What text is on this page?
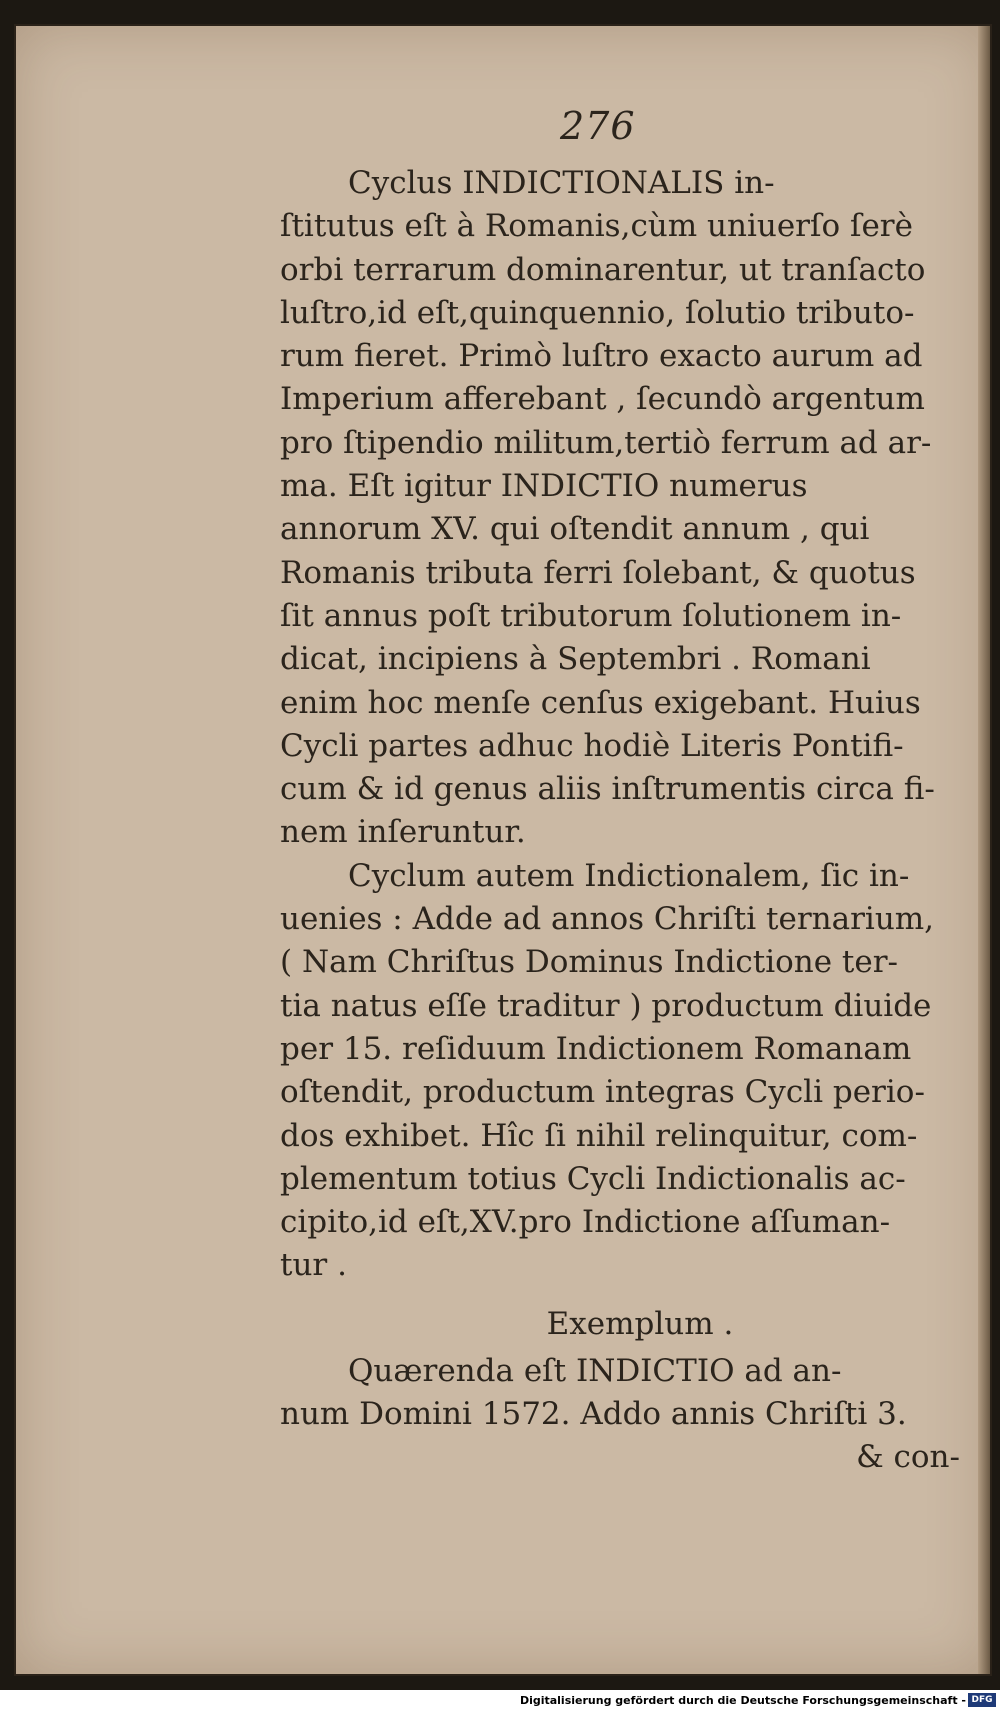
276
Cyclus INDICTIONALIS in-
ſtitutus eſt à Romanis,cùm uniuerſo ſerè
orbi terrarum dominarentur, ut tranſacto
luſtro,id eſt,quinquennio, ſolutio tributo-
rum fieret. Primò luſtro exacto aurum ad
Imperium afferebant , ſecundò argentum
pro ſtipendio militum,tertiò ferrum ad ar-
ma. Eſt igitur INDICTIO numerus
annorum XV. qui oſtendit annum , qui
Romanis tributa ferri ſolebant, & quotus
ſit annus poſt tributorum ſolutionem in-
dicat, incipiens à Septembri . Romani
enim hoc menſe cenſus exigebant. Huius
Cycli partes adhuc hodiè Literis Pontifi-
cum & id genus aliis inſtrumentis circa fi-
nem inſeruntur.
Cyclum autem Indictionalem, ſic in-
uenies : Adde ad annos Chriſti ternarium,
( Nam Chriſtus Dominus Indictione ter-
tia natus eſſe traditur ) productum diuide
per 15. reſiduum Indictionem Romanam
oſtendit, productum integras Cycli perio-
dos exhibet. Hîc ſi nihil relinquitur, com-
plementum totius Cycli Indictionalis ac-
cipito,id eſt,XV.pro Indictione aſſuman-
tur .
Exemplum .
Quærenda eſt INDICTIO ad an-
num Domini 1572. Addo annis Chriſti 3.
& con-
Digitalisierung gefördert durch die Deutsche Forschungsgemeinschaft - DFG
